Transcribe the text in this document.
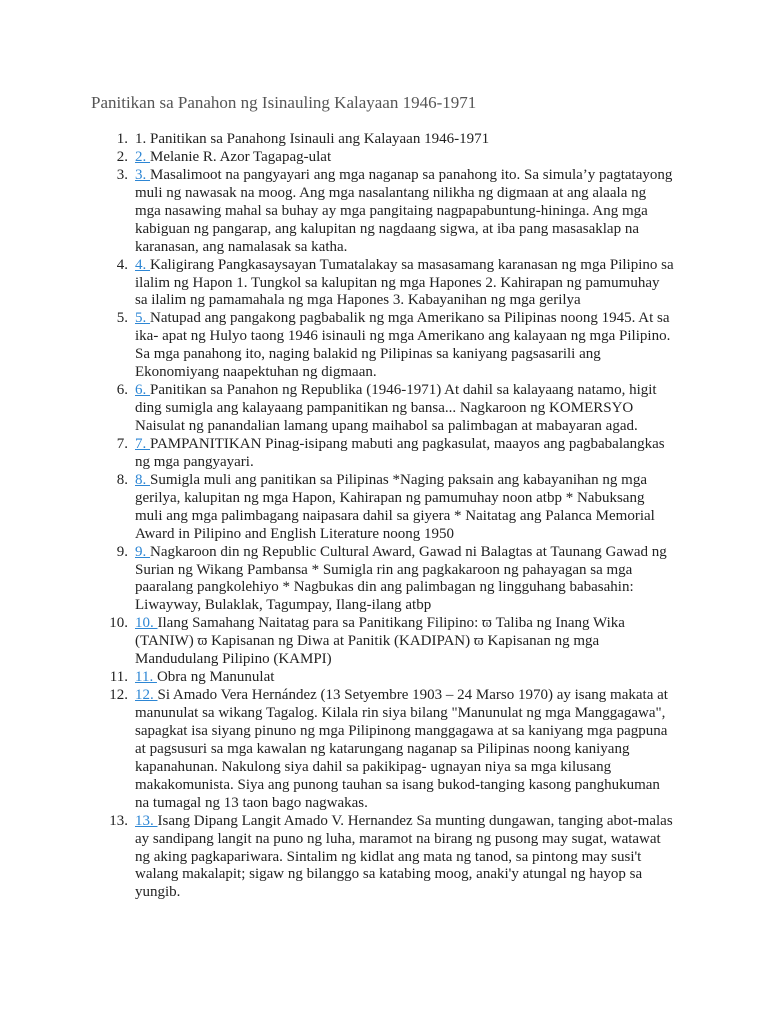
Panitikan sa Panahon ng Isinauling Kalayaan 1946-1971
1. 1. Panitikan sa Panahong Isinauli ang Kalayaan 1946-1971
2. 2. Melanie R. Azor Tagapag-ulat
3. 3. Masalimoot na pangyayari ang mga naganap sa panahong ito. Sa simula’y pagtatayong muli ng nawasak na moog. Ang mga nasalantang nilikha ng digmaan at ang alaala ng mga nasawing mahal sa buhay ay mga pangitaing nagpapabuntung-hininga. Ang mga kabiguan ng pangarap, ang kalupitan ng nagdaang sigwa, at iba pang masasaklap na karanasan, ang namalasak sa katha.
4. 4. Kaligirang Pangkasaysayan Tumatalakay sa masasamang karanasan ng mga Pilipino sa ilalim ng Hapon 1. Tungkol sa kalupitan ng mga Hapones 2. Kahirapan ng pamumuhay sa ilalim ng pamamahala ng mga Hapones 3. Kabayanihan ng mga gerilya
5. 5. Natupad ang pangakong pagbabalik ng mga Amerikano sa Pilipinas noong 1945. At sa ika- apat ng Hulyo taong 1946 isinauli ng mga Amerikano ang kalayaan ng mga Pilipino. Sa mga panahong ito, naging balakid ng Pilipinas sa kaniyang pagsasarili ang Ekonomiyang naapektuhan ng digmaan.
6. 6. Panitikan sa Panahon ng Republika (1946-1971) At dahil sa kalayaang natamo, higit ding sumigla ang kalayaang pampanitikan ng bansa... Nagkaroon ng KOMERSYO Naisulat ng panandalian lamang upang maihabol sa palimbagan at mabayaran agad.
7. 7. PAMPANITIKAN Pinag-isipang mabuti ang pagkasulat, maayos ang pagbabalangkas ng mga pangyayari.
8. 8. Sumigla muli ang panitikan sa Pilipinas *Naging paksain ang kabayanihan ng mga gerilya, kalupitan ng mga Hapon, Kahirapan ng pamumuhay noon atbp * Nabuksang muli ang mga palimbagang naipasara dahil sa giyera * Naitatag ang Palanca Memorial Award in Pilipino and English Literature noong 1950
9. 9. Nagkaroon din ng Republic Cultural Award, Gawad ni Balagtas at Taunang Gawad ng Surian ng Wikang Pambansa * Sumigla rin ang pagkakaroon ng pahayagan sa mga paaralang pangkolehiyo * Nagbukas din ang palimbagan ng lingguhang babasahin: Liwayway, Bulaklak, Tagumpay, Ilang-ilang atbp
10. 10. Ilang Samahang Naitatag para sa Panitikang Filipino: ϖ Taliba ng Inang Wika (TANIW) ϖ Kapisanan ng Diwa at Panitik (KADIPAN) ϖ Kapisanan ng mga Mandudulang Pilipino (KAMPI)
11. 11. Obra ng Manunulat
12. 12. Si Amado Vera Hernández (13 Setyembre 1903 – 24 Marso 1970) ay isang makata at manunulat sa wikang Tagalog. Kilala rin siya bilang "Manunulat ng mga Manggagawa", sapagkat isa siyang pinuno ng mga Pilipinong manggagawa at sa kaniyang mga pagpuna at pagsusuri sa mga kawalan ng katarungang naganap sa Pilipinas noong kaniyang kapanahunan. Nakulong siya dahil sa pakikipag- ugnayan niya sa mga kilusang makakomunista. Siya ang punong tauhan sa isang bukod-tanging kasong panghukuman na tumagal ng 13 taon bago nagwakas.
13. 13. Isang Dipang Langit Amado V. Hernandez Sa munting dungawan, tanging abot-malas ay sandipang langit na puno ng luha, maramot na birang ng pusong may sugat, watawat ng aking pagkapariwara. Sintalim ng kidlat ang mata ng tanod, sa pintong may susi't walang makalapit; sigaw ng bilanggo sa katabing moog, anaki'y atungal ng hayop sa yungib.
